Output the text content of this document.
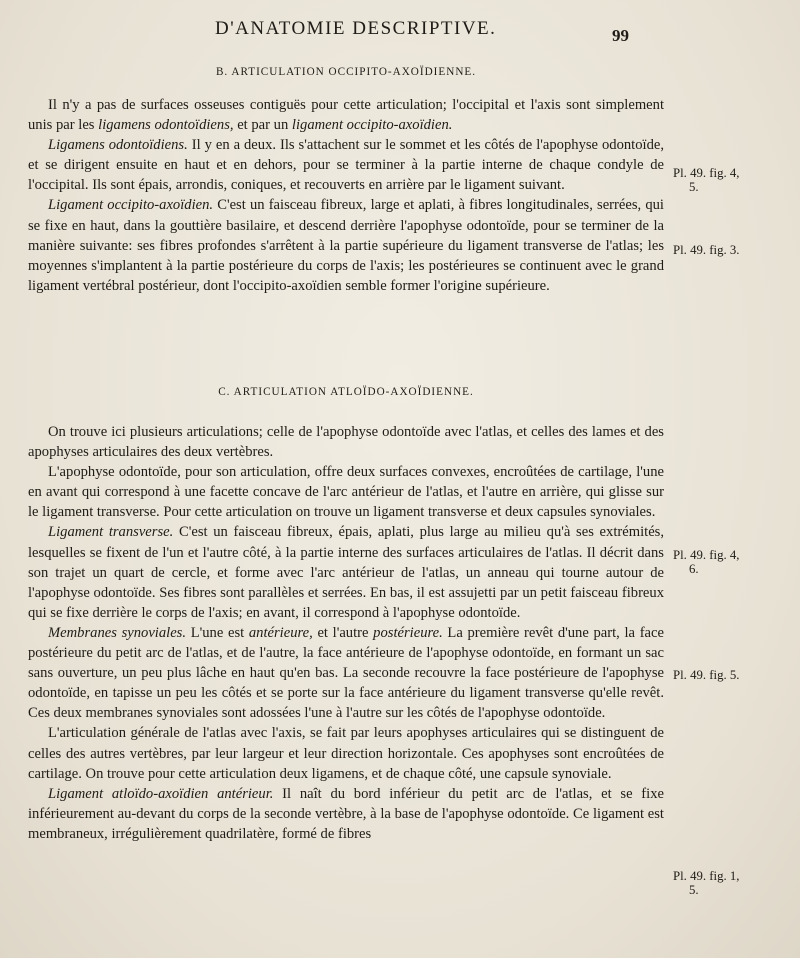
D'ANATOMIE DESCRIPTIVE.	99
B. ARTICULATION OCCIPITO-AXOÏDIENNE.

Il n'y a pas de surfaces osseuses contiguës pour cette articulation; l'occipital et l'axis sont simplement unis par les ligamens odontoïdiens, et par un ligament occipito-axoïdien.

Ligamens odontoïdiens. Il y en a deux. Ils s'attachent sur le sommet et les côtés de l'apophyse odontoïde, et se dirigent ensuite en haut et en dehors, pour se terminer à la partie interne de chaque condyle de l'occipital. Ils sont épais, arrondis, coniques, et recouverts en arrière par le ligament suivant.

Ligament occipito-axoïdien. C'est un faisceau fibreux, large et aplati, à fibres longitudinales, serrées, qui se fixe en haut, dans la gouttière basilaire, et descend derrière l'apophyse odontoïde, pour se terminer de la manière suivante: ses fibres profondes s'arrêtent à la partie supérieure du ligament transverse de l'atlas; les moyennes s'implantent à la partie postérieure du corps de l'axis; les postérieures se continuent avec le grand ligament vertébral postérieur, dont l'occipito-axoïdien semble former l'origine supérieure.

C. ARTICULATION ATLOÏDO-AXOÏDIENNE.

On trouve ici plusieurs articulations; celle de l'apophyse odontoïde avec l'atlas, et celles des lames et des apophyses articulaires des deux vertèbres.

L'apophyse odontoïde, pour son articulation, offre deux surfaces convexes, encroûtées de cartilage, l'une en avant qui correspond à une facette concave de l'arc antérieur de l'atlas, et l'autre en arrière, qui glisse sur le ligament transverse. Pour cette articulation on trouve un ligament transverse et deux capsules synoviales.

Ligament transverse. C'est un faisceau fibreux, épais, aplati, plus large au milieu qu'à ses extrémités, lesquelles se fixent de l'un et l'autre côté, à la partie interne des surfaces articulaires de l'atlas. Il décrit dans son trajet un quart de cercle, et forme avec l'arc antérieur de l'atlas, un anneau qui tourne autour de l'apophyse odontoïde. Ses fibres sont parallèles et serrées. En bas, il est assujetti par un petit faisceau fibreux qui se fixe derrière le corps de l'axis; en avant, il correspond à l'apophyse odontoïde.

Membranes synoviales. L'une est antérieure, et l'autre postérieure. La première revêt d'une part, la face postérieure du petit arc de l'atlas, et de l'autre, la face antérieure de l'apophyse odontoïde, en formant un sac sans ouverture, un peu plus lâche en haut qu'en bas. La seconde recouvre la face postérieure de l'apophyse odontoïde, en tapisse un peu les côtés et se porte sur la face antérieure du ligament transverse qu'elle revêt. Ces deux membranes synoviales sont adossées l'une à l'autre sur les côtés de l'apophyse odontoïde.

L'articulation générale de l'atlas avec l'axis, se fait par leurs apophyses articulaires qui se distinguent de celles des autres vertèbres, par leur largeur et leur direction horizontale. Ces apophyses sont encroûtées de cartilage. On trouve pour cette articulation deux ligamens, et de chaque côté, une capsule synoviale.

Ligament atloïdo-axoïdien antérieur. Il naît du bord inférieur du petit arc de l'atlas, et se fixe inférieurement au-devant du corps de la seconde vertèbre, à la base de l'apophyse odontoïde. Ce ligament est membraneux, irrégulièrement quadrilatère, formé de fibres

Pl. 49. fig. 4,
5.
Pl. 49. fig. 3.
Pl. 49. fig. 4,
6.
Pl. 49. fig. 5.
Pl. 49. fig. 1,
5.
